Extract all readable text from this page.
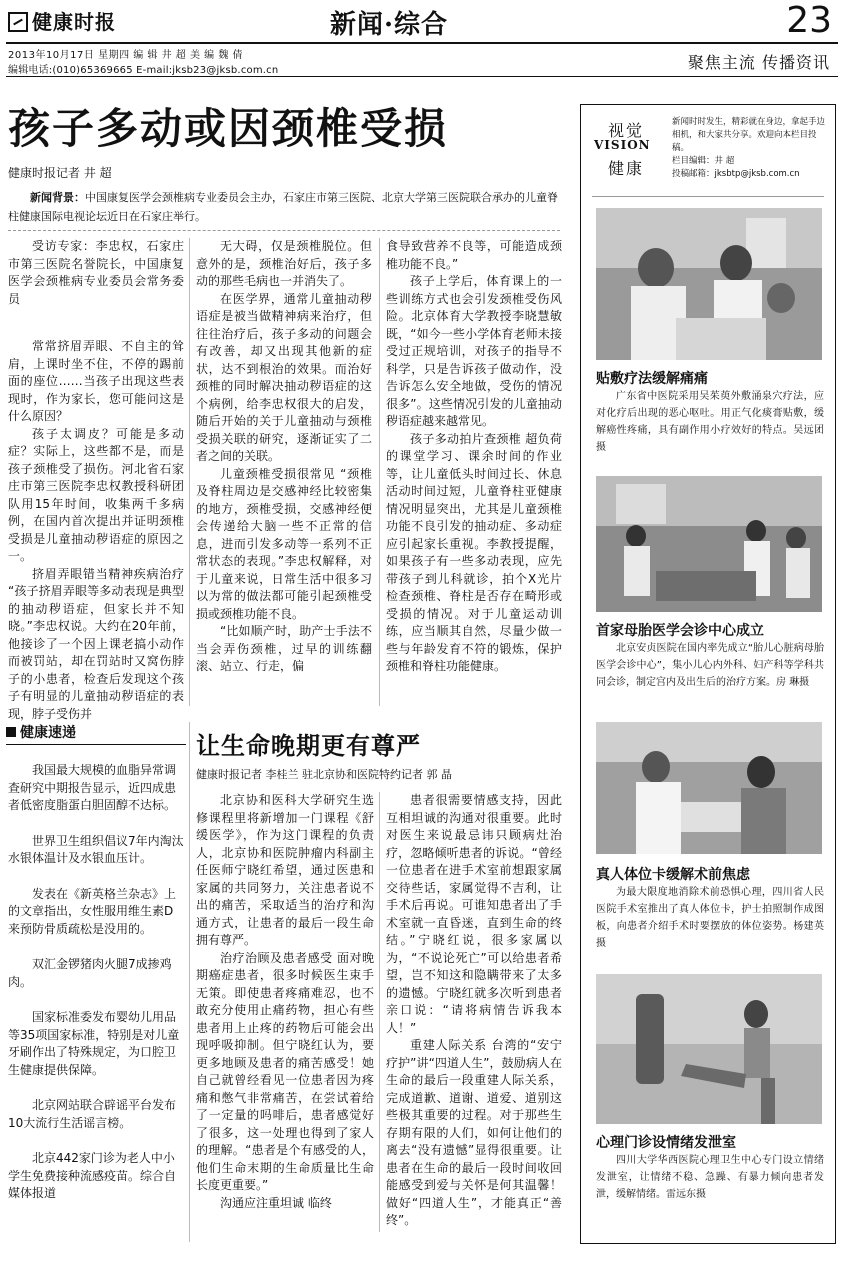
健康时报	新闻·综合	23
2013年10月17日 星期四 编 辑 井 超 美 编 魏 倩
编辑电话:(010)65369665 E-mail:jksb23@jksb.com.cn	聚焦主流 传播资讯
孩子多动或因颈椎受损
健康时报记者 井 超
新闻背景：中国康复医学会颈椎病专业委员会主办，石家庄市第三医院、北京大学第三医院联合承办的儿童脊柱健康国际电视论坛近日在石家庄举行。

受访专家：李忠权，石家庄市第三医院名誉院长，中国康复医学会颈椎病专业委员会常务委员

常常挤眉弄眼、不自主的耸肩，上课时坐不住，不停的踢前面的座位……当孩子出现这些表现时，作为家长，您可能问这是什么原因？

孩子太调皮？可能是多动症？实际上，这些都不是，而是孩子颈椎受了损伤。河北省石家庄市第三医院李忠权教授科研团队用15年时间，收集两千多病例，在国内首次提出并证明颈椎受损是儿童抽动秽语症的原因之一。

挤眉弄眼错当精神疾病治疗 “孩子挤眉弄眼等多动表现是典型的抽动秽语症，但家长并不知晓。”李忠权说。大约在20年前，他接诊了一个因上课老搞小动作而被罚站，却在罚站时又窝伤脖子的小患者，检查后发现这个孩子有明显的儿童抽动秽语症的表现，脖子受伤并

无大碍，仅是颈椎脱位。但意外的是，颈椎治好后，孩子多动的那些毛病也一并消失了。

在医学界，通常儿童抽动秽语症是被当做精神病来治疗，但往往治疗后，孩子多动的问题会有改善，却又出现其他新的症状，达不到根治的效果。而治好颈椎的同时解决抽动秽语症的这个病例，给李忠权很大的启发，随后开始的关于儿童抽动与颈椎受损关联的研究，逐渐证实了二者之间的关联。

儿童颈椎受损很常见 “颈椎及脊柱周边是交感神经比较密集的地方，颈椎受损，交感神经便会传递给大脑一些不正常的信息，进而引发多动等一系列不正常状态的表现。”李忠权解释，对于儿童来说，日常生活中很多习以为常的做法都可能引起颈椎受损或颈椎功能不良。

“比如顺产时，助产士手法不当会弄伤颈椎，过早的训练翻滚、站立、行走，偏

食导致营养不良等，可能造成颈椎功能不良。”

孩子上学后，体育课上的一些训练方式也会引发颈椎受伤风险。北京体育大学教授李晓慧敏既，“如今一些小学体育老师未接受过正规培训，对孩子的指导不科学，只是告诉孩子做动作，没告诉怎么安全地做，受伤的情况很多”。这些情况引发的儿童抽动秽语症越来越常见。

孩子多动拍片查颈椎 超负荷的课堂学习、课余时间的作业等，让儿童低头时间过长、休息活动时间过短，儿童脊柱亚健康情况明显突出，尤其是儿童颈椎功能不良引发的抽动症、多动症应引起家长重视。李教授提醒，如果孩子有一些多动表现，应先带孩子到儿科就诊，拍个X光片检查颈椎、脊柱是否存在畸形或受损的情况。对于儿童运动训练，应当顺其自然，尽量少做一些与年龄发育不符的锻炼，保护颈椎和脊柱功能健康。

健康速递

我国最大规模的血脂异常调查研究中期报告显示，近四成患者低密度脂蛋白胆固醇不达标。

世界卫生组织倡议7年内淘汰水银体温计及水银血压计。

发表在《新英格兰杂志》上的文章指出，女性服用维生素D来预防骨质疏松是没用的。

双汇金锣猪肉火腿7成掺鸡肉。

国家标准委发布婴幼儿用品等35项国家标准，特别是对儿童牙刷作出了特殊规定，为口腔卫生健康提供保障。

北京网站联合辟谣平台发布10大流行生活谣言榜。

北京442家门诊为老人中小学生免费接种流感疫苗。综合自媒体报道

让生命晚期更有尊严
健康时报记者 李桂兰 驻北京协和医院特约记者 郭 晶

北京协和医科大学研究生选修课程里将新增加一门课程《舒缓医学》，作为这门课程的负责人，北京协和医院肿瘤内科副主任医师宁晓红希望，通过医患和家属的共同努力，关注患者说不出的痛苦，采取适当的治疗和沟通方式，让患者的最后一段生命拥有尊严。

治疗治顾及患者感受 面对晚期癌症患者，很多时候医生束手无策。即使患者疼痛难忍，也不敢充分使用止痛药物，担心有些患者用上止疼的药物后可能会出现呼吸抑制。但宁晓红认为，要更多地顾及患者的痛苦感受！她自己就曾经看见一位患者因为疼痛和憋气非常痛苦，在尝试着给了一定量的吗啡后，患者感觉好了很多，这一处理也得到了家人的理解。“患者是个有感受的人，他们生命末期的生命质量比生命长度更重要。”

沟通应注重坦诚 临终

患者很需要情感支持，因此互相坦诚的沟通对很重要。此时对医生来说最忌讳只顾病灶治疗，忽略倾听患者的诉说。“曾经一位患者在进手术室前想跟家属交待些话，家属觉得不吉利，让手术后再说。可谁知患者出了手术室就一直昏迷，直到生命的终结。”宁晓红说，很多家属以为，“不说论死亡”可以给患者希望，岂不知这和隐瞒带来了太多的遗憾。宁晓红就多次听到患者亲口说：“请将病情告诉我本人！”

重建人际关系 台湾的“安宁疗护”讲“四道人生”，鼓励病人在生命的最后一段重建人际关系，完成道歉、道谢、道爱、道别这些极其重要的过程。对于那些生存期有限的人们，如何让他们的离去“没有遗憾”显得很重要。让患者在生命的最后一段时间收回能感受到爱与关怀是何其温馨！做好“四道人生”，才能真正“善终”。

视觉
VISION
健康
新闻时时发生，精彩就在身边，拿起手边相机，和大家共分享。欢迎向本栏目投稿。
栏目编辑：井 超
投稿邮箱：jksbtp@jksb.com.cn
贴敷疗法缓解痛痛
广东省中医院采用吴茱萸外敷涌泉穴疗法，应对化疗后出现的恶心呕吐。用正气化痰膏贴敷，缓解癌性疼痛，具有副作用小疗效好的特点。吴远团摄
首家母胎医学会诊中心成立
北京安贞医院在国内率先成立“胎儿心脏病母胎医学会诊中心”，集小儿心内外科、妇产科等学科共同会诊，制定宫内及出生后的治疗方案。房 琳摄
真人体位卡缓解术前焦虑
为最大限度地消除术前恐惧心理，四川省人民医院手术室推出了真人体位卡，护士拍照制作成图板，向患者介绍手术时要摆放的体位姿势。杨建英摄
心理门诊设情绪发泄室
四川大学华西医院心理卫生中心专门设立情绪发泄室，让情绪不稳、急躁、有暴力倾向患者发泄，缓解情绪。雷远东摄
